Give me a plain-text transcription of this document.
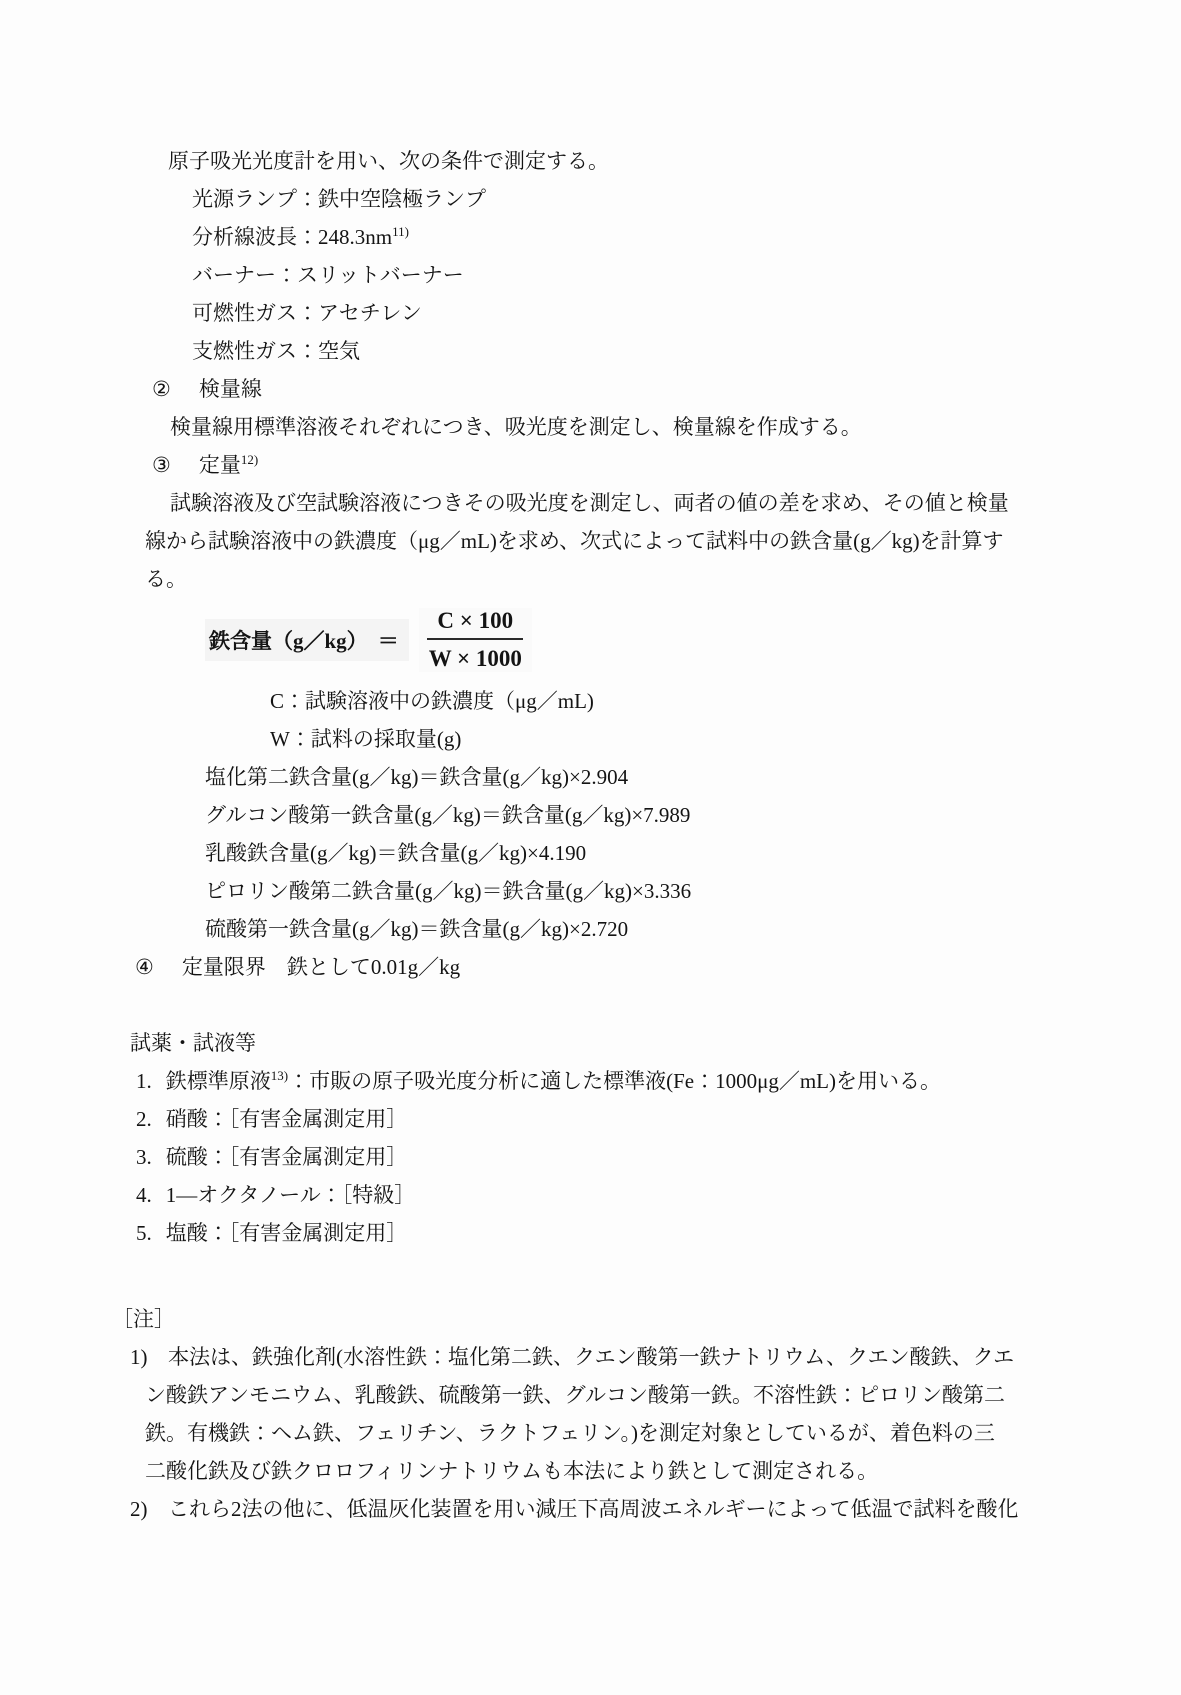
原子吸光光度計を用い、次の条件で測定する。
光源ランプ：鉄中空陰極ランプ
分析線波長：$248.3nm^{11)}$
バーナー：スリットバーナー
可燃性ガス：アセチレン
支燃性ガス：空気
② 検量線
検量線用標準溶液それぞれにつき、吸光度を測定し、検量線を作成する。
③ 定量$^{12)}$
試験溶液及び空試験溶液につきその吸光度を測定し、両者の値の差を求め、その値と検量
線から試験溶液中の鉄濃度（μg／mL)を求め、次式によって試料中の鉄含量(g／kg)を計算す
る。
鉄含量（g／kg） ＝ $\frac{C \times 100}{W \times 1000}$
C：試験溶液中の鉄濃度（μg／mL)
W：試料の採取量(g)
塩化第二鉄含量(g／kg)＝鉄含量(g／kg)×2.904
グルコン酸第一鉄含量(g／kg)＝鉄含量(g／kg)×7.989
乳酸鉄含量(g／kg)＝鉄含量(g／kg)×4.190
ピロリン酸第二鉄含量(g／kg)＝鉄含量(g／kg)×3.336
硫酸第一鉄含量(g／kg)＝鉄含量(g／kg)×2.720
④ 定量限界　鉄として0.01g／kg
試薬・試液等
1. 鉄標準原液$^{13)}$：市販の原子吸光度分析に適した標準液(Fe：1000μg／mL)を用いる。
2. 硝酸：［有害金属測定用］
3. 硫酸：［有害金属測定用］
4. 1―オクタノール：［特級］
5. 塩酸：［有害金属測定用］
［注］
1) 本法は、鉄強化剤(水溶性鉄：塩化第二鉄、クエン酸第一鉄ナトリウム、クエン酸鉄、クエ
ン酸鉄アンモニウム、乳酸鉄、硫酸第一鉄、グルコン酸第一鉄。不溶性鉄：ピロリン酸第二
鉄。有機鉄：ヘム鉄、フェリチン、ラクトフェリン。)を測定対象としているが、着色料の三
二酸化鉄及び鉄クロロフィリンナトリウムも本法により鉄として測定される。
2) これら2法の他に、低温灰化装置を用い減圧下高周波エネルギーによって低温で試料を酸化
